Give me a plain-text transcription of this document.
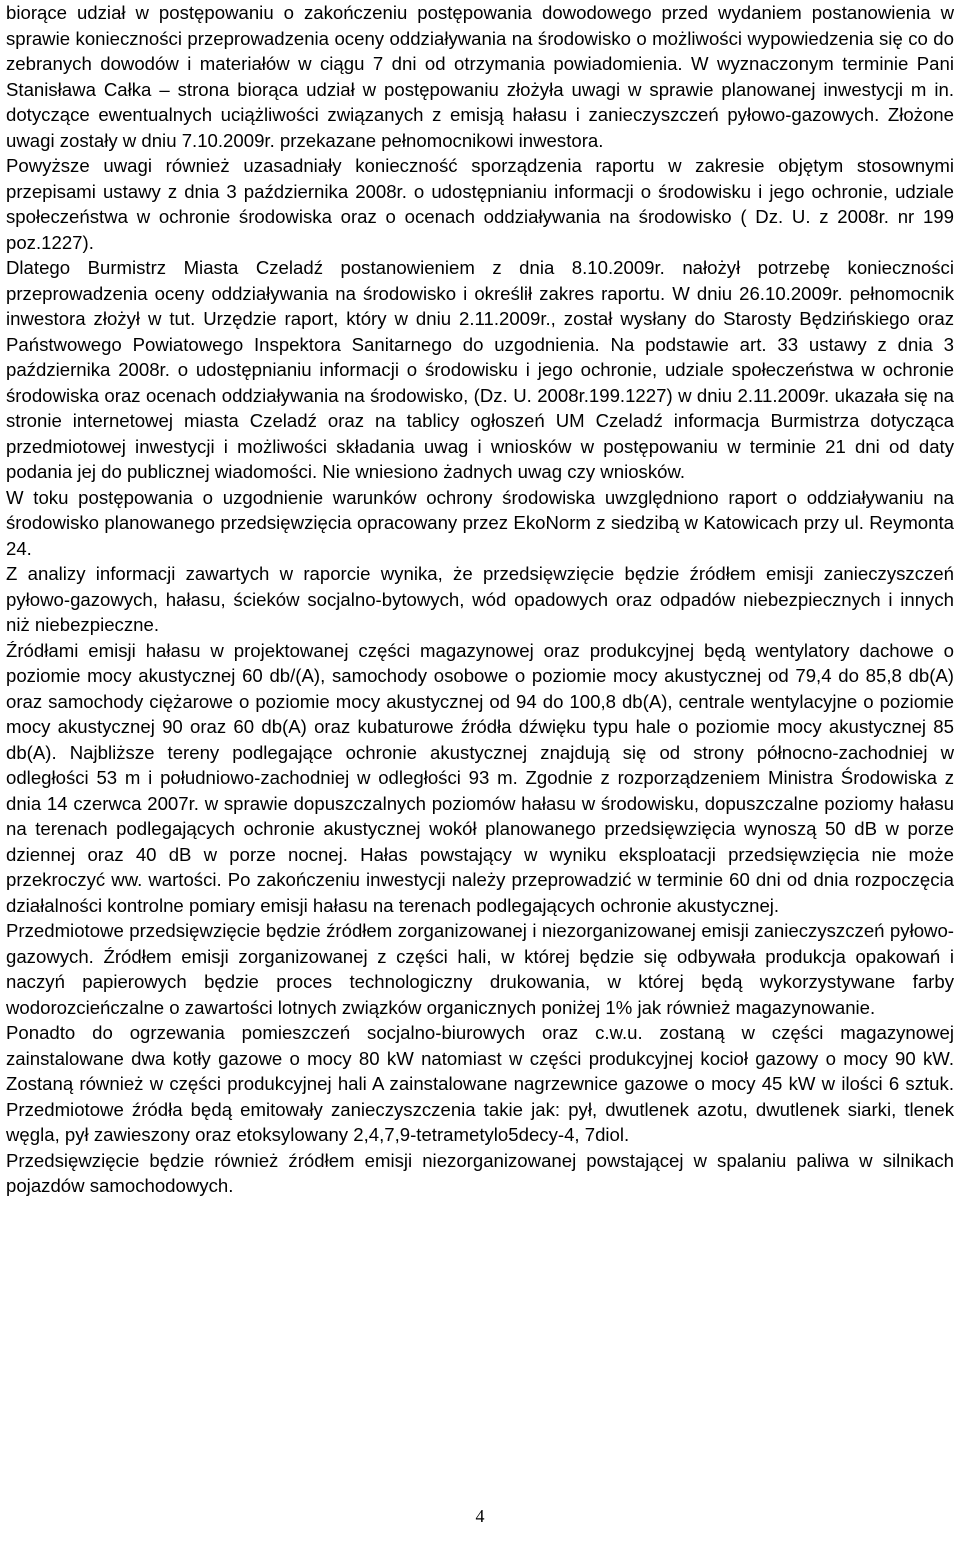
biorące udział w postępowaniu o zakończeniu postępowania dowodowego przed wydaniem postanowienia w sprawie konieczności przeprowadzenia oceny oddziaływania na środowisko o możliwości wypowiedzenia się co do zebranych dowodów i materiałów w ciągu 7 dni od otrzymania powiadomienia. W wyznaczonym terminie Pani Stanisława Całka – strona biorąca udział w postępowaniu złożyła uwagi w sprawie planowanej inwestycji m in. dotyczące ewentualnych uciążliwości związanych z emisją hałasu i zanieczyszczeń pyłowo-gazowych. Złożone uwagi zostały w dniu 7.10.2009r. przekazane pełnomocnikowi inwestora.

Powyższe uwagi również uzasadniały konieczność sporządzenia raportu w zakresie objętym stosownymi przepisami ustawy z dnia 3 października 2008r. o udostępnianiu informacji o środowisku i jego ochronie, udziale społeczeństwa w ochronie środowiska oraz o ocenach oddziaływania na środowisko ( Dz. U. z 2008r. nr 199 poz.1227).

Dlatego Burmistrz Miasta Czeladź postanowieniem z dnia 8.10.2009r. nałożył potrzebę konieczności przeprowadzenia oceny oddziaływania na środowisko i określił zakres raportu. W dniu 26.10.2009r. pełnomocnik inwestora złożył w tut. Urzędzie raport, który w dniu 2.11.2009r., został wysłany do Starosty Będzińskiego oraz Państwowego Powiatowego Inspektora Sanitarnego do uzgodnienia. Na podstawie art. 33 ustawy z dnia 3 października 2008r. o udostępnianiu informacji o środowisku i jego ochronie, udziale społeczeństwa w ochronie środowiska oraz ocenach oddziaływania na środowisko, (Dz. U. 2008r.199.1227) w dniu 2.11.2009r. ukazała się na stronie internetowej miasta Czeladź oraz na tablicy ogłoszeń UM Czeladź informacja Burmistrza dotycząca przedmiotowej inwestycji i możliwości składania uwag i wniosków w postępowaniu w terminie 21 dni od daty podania jej do publicznej wiadomości. Nie wniesiono żadnych uwag czy wniosków.

W toku postępowania o uzgodnienie warunków ochrony środowiska uwzględniono raport o oddziaływaniu na środowisko planowanego przedsięwzięcia opracowany przez EkoNorm z siedzibą w Katowicach przy ul. Reymonta 24.

Z analizy informacji zawartych w raporcie wynika, że przedsięwzięcie będzie źródłem emisji zanieczyszczeń pyłowo-gazowych, hałasu, ścieków socjalno-bytowych, wód opadowych oraz odpadów niebezpiecznych i innych niż niebezpieczne.

Źródłami emisji hałasu w projektowanej części magazynowej oraz produkcyjnej będą wentylatory dachowe o poziomie mocy akustycznej 60 db/(A), samochody osobowe o poziomie mocy akustycznej od 79,4 do 85,8 db(A) oraz samochody ciężarowe o poziomie mocy akustycznej od 94 do 100,8 db(A), centrale wentylacyjne o poziomie mocy akustycznej 90 oraz 60 db(A) oraz kubaturowe źródła dźwięku typu hale o poziomie mocy akustycznej 85 db(A). Najbliższe tereny podlegające ochronie akustycznej znajdują się od strony północno-zachodniej w odległości 53 m i południowo-zachodniej w odległości 93 m. Zgodnie z rozporządzeniem Ministra Środowiska z dnia 14 czerwca 2007r. w sprawie dopuszczalnych poziomów hałasu w środowisku, dopuszczalne poziomy hałasu na terenach podlegających ochronie akustycznej wokół planowanego przedsięwzięcia wynoszą 50 dB w porze dziennej oraz 40 dB w porze nocnej. Hałas powstający w wyniku eksploatacji przedsięwzięcia nie może przekroczyć ww. wartości. Po zakończeniu inwestycji należy przeprowadzić w terminie 60 dni od dnia rozpoczęcia działalności kontrolne pomiary emisji hałasu na terenach podlegających ochronie akustycznej.

Przedmiotowe przedsięwzięcie będzie źródłem zorganizowanej i niezorganizowanej emisji zanieczyszczeń pyłowo-gazowych. Źródłem emisji zorganizowanej z części hali, w której będzie się odbywała produkcja opakowań i naczyń papierowych będzie proces technologiczny drukowania, w której będą wykorzystywane farby wodorozcieńczalne o zawartości lotnych związków organicznych poniżej 1% jak również magazynowanie.

Ponadto do ogrzewania pomieszczeń socjalno-biurowych oraz c.w.u. zostaną w części magazynowej zainstalowane dwa kotły gazowe o mocy 80 kW natomiast w części produkcyjnej kocioł gazowy o mocy 90 kW. Zostaną również w części produkcyjnej hali A zainstalowane nagrzewnice gazowe o mocy 45 kW w ilości 6 sztuk. Przedmiotowe źródła będą emitowały zanieczyszczenia takie jak: pył, dwutlenek azotu, dwutlenek siarki, tlenek węgla, pył zawieszony oraz etoksylowany 2,4,7,9-tetrametylo5decy-4, 7diol.

Przedsięwzięcie będzie również źródłem emisji niezorganizowanej powstającej w spalaniu paliwa w silnikach pojazdów samochodowych.

4
